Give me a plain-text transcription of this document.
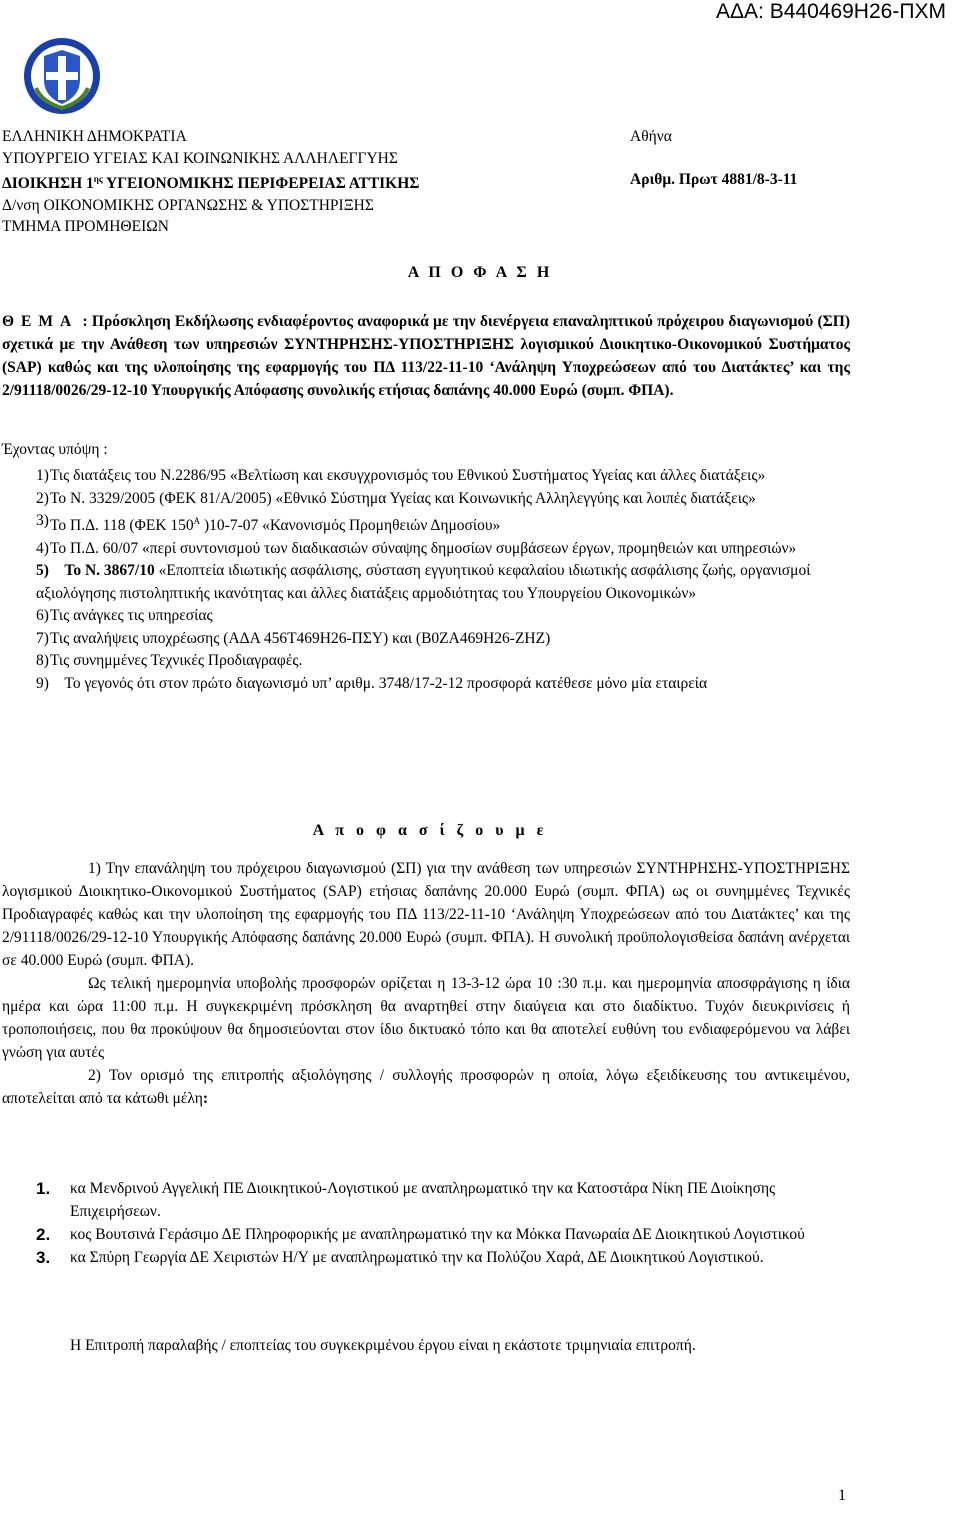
ΑΔΑ: Β440469Η26-ΠΧΜ
ΕΛΛΗΝΙΚΗ ΔΗΜΟΚΡΑΤΙΑ
ΥΠΟΥΡΓΕΙΟ ΥΓΕΙΑΣ ΚΑΙ ΚΟΙΝΩΝΙΚΗΣ ΑΛΛΗΛΕΓΓΥΗΣ
ΔΙΟΙΚΗΣΗ $1^{\eta\varsigma}$ ΥΓΕΙΟΝΟΜΙΚΗΣ ΠΕΡΙΦΕΡΕΙΑΣ ΑΤΤΙΚΗΣ
Δ/νση ΟΙΚΟΝΟΜΙΚΗΣ ΟΡΓΑΝΩΣΗΣ & ΥΠΟΣΤΗΡΙΞΗΣ
ΤΜΗΜΑ ΠΡΟΜΗΘΕΙΩΝ
Αθήνα
Αριθμ. Πρωτ 4881/8-3-11
Α Π Ο Φ Α Σ Η
ΘΕΜΑ : Πρόσκληση Εκδήλωσης ενδιαφέροντος αναφορικά με την διενέργεια επαναληπτικού πρόχειρου διαγωνισμού (ΣΠ) σχετικά με την Ανάθεση των υπηρεσιών ΣΥΝΤΗΡΗΣΗΣ-ΥΠΟΣΤΗΡΙΞΗΣ λογισμικού Διοικητικο-Οικονομικού Συστήματος (SAP) καθώς και της υλοποίησης της εφαρμογής του ΠΔ 113/22-11-10 ‘Ανάληψη Υποχρεώσεων από του Διατάκτες’ και της 2/91118/0026/29-12-10 Υπουργικής Απόφασης συνολικής ετήσιας δαπάνης 40.000 Ευρώ (συμπ. ΦΠΑ).
Έχοντας υπόψη :
1) Τις διατάξεις του Ν.2286/95 «Βελτίωση και εκσυγχρονισμός του Εθνικού Συστήματος Υγείας και άλλες διατάξεις»
2) Το Ν. 3329/2005 (ΦΕΚ 81/Α/2005) «Εθνικό Σύστημα Υγείας και Κοινωνικής Αλληλεγγύης και λοιπές διατάξεις»
3) Το Π.Δ. 118 (ΦΕΚ $150^A$ )10-7-07 «Κανονισμός Προμηθειών Δημοσίου»
4) Το Π.Δ. 60/07 «περί συντονισμού των διαδικασιών σύναψης δημοσίων συμβάσεων έργων, προμηθειών και υπηρεσιών»
5) Το Ν. 3867/10 «Εποπτεία ιδιωτικής ασφάλισης, σύσταση εγγυητικού κεφαλαίου ιδιωτικής ασφάλισης ζωής, οργανισμοί αξιολόγησης πιστοληπτικής ικανότητας και άλλες διατάξεις αρμοδιότητας του Υπουργείου Οικονομικών»
6) Τις ανάγκες τις υπηρεσίας
7) Τις αναλήψεις υποχρέωσης (ΑΔΑ 456Τ469Η26-ΠΣΥ) και (Β0ΖΑ469Η26-ΖΗΖ)
8) Τις συνημμένες Τεχνικές Προδιαγραφές.
9) Το γεγονός ότι στον πρώτο διαγωνισμό υπ’ αριθμ. 3748/17-2-12 προσφορά κατέθεσε μόνο μία εταιρεία
Α π ο φ α σ ί ζ ο υ μ ε

1) Την επανάληψη του πρόχειρου διαγωνισμού (ΣΠ) για την ανάθεση των υπηρεσιών ΣΥΝΤΗΡΗΣΗΣ-ΥΠΟΣΤΗΡΙΞΗΣ λογισμικού Διοικητικο-Οικονομικού Συστήματος (SAP) ετήσιας δαπάνης 20.000 Ευρώ (συμπ. ΦΠΑ) ως οι συνημμένες Τεχνικές Προδιαγραφές καθώς και την υλοποίηση της εφαρμογής του ΠΔ 113/22-11-10 ‘Ανάληψη Υποχρεώσεων από του Διατάκτες’ και της 2/91118/0026/29-12-10 Υπουργικής Απόφασης δαπάνης 20.000 Ευρώ (συμπ. ΦΠΑ). Η συνολική προϋπολογισθείσα δαπάνη ανέρχεται σε 40.000 Ευρώ (συμπ. ΦΠΑ).

Ως τελική ημερομηνία υποβολής προσφορών ορίζεται η 13-3-12 ώρα 10 :30 π.μ. και ημερομηνία αποσφράγισης η ίδια ημέρα και ώρα 11:00 π.μ. Η συγκεκριμένη πρόσκληση θα αναρτηθεί στην διαύγεια και στο διαδίκτυο. Τυχόν διευκρινίσεις ή τροποποιήσεις, που θα προκύψουν θα δημοσιεύονται στον ίδιο δικτυακό τόπο και θα αποτελεί ευθύνη του ενδιαφερόμενου να λάβει γνώση για αυτές

2) Τον ορισμό της επιτροπής αξιολόγησης / συλλογής προσφορών η οποία, λόγω εξειδίκευσης του αντικειμένου, αποτελείται από τα κάτωθι μέλη:

1.	κα Μενδρινού Αγγελική ΠΕ Διοικητικού-Λογιστικού με αναπληρωματικό την κα Κατοστάρα Νίκη ΠΕ Διοίκησης Επιχειρήσεων.
2.	κος Βουτσινά Γεράσιμο ΔΕ Πληροφορικής με αναπληρωματικό την κα Μόκκα Πανωραία ΔΕ Διοικητικού Λογιστικού
3.	κα Σπύρη Γεωργία ΔΕ Χειριστών Η/Υ με αναπληρωματικό την κα Πολύζου Χαρά, ΔΕ Διοικητικού Λογιστικού.
Η Επιτροπή παραλαβής / εποπτείας του συγκεκριμένου έργου είναι η εκάστοτε τριμηνιαία επιτροπή.
1
